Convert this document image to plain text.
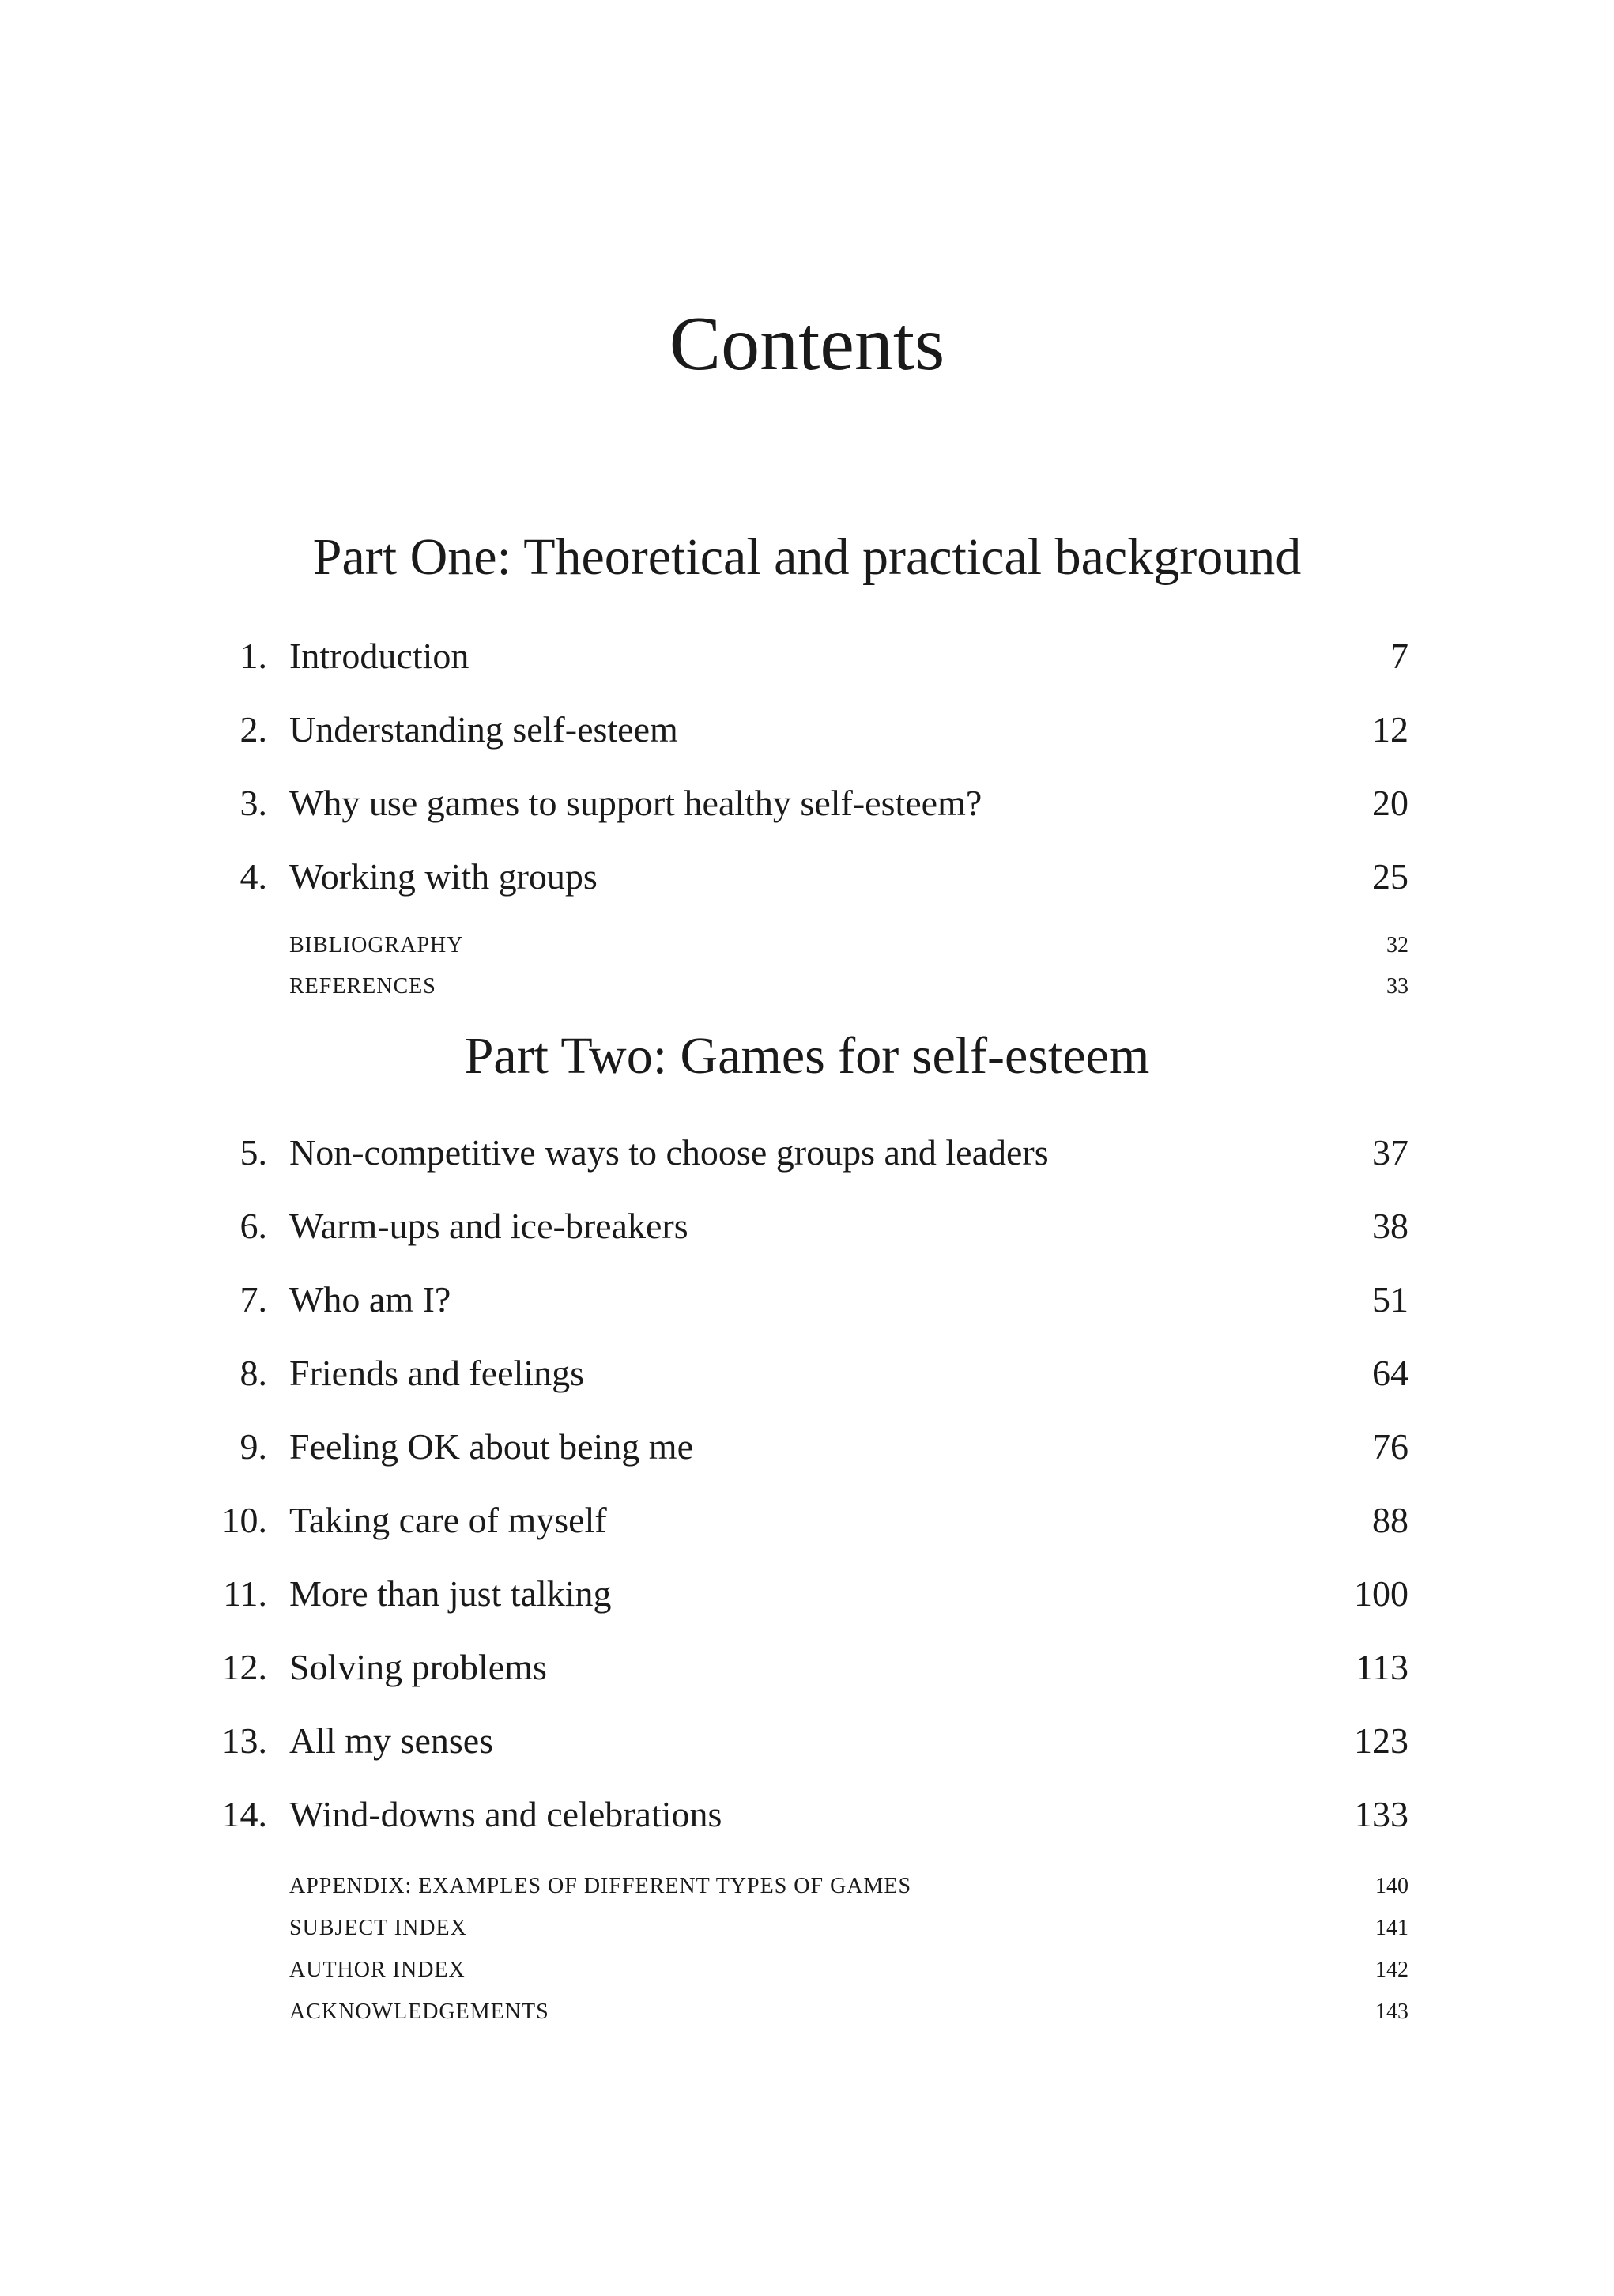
Contents
Part One: Theoretical and practical background
1. Introduction	7
2. Understanding self-esteem	12
3. Why use games to support healthy self-esteem?	20
4. Working with groups	25
BIBLIOGRAPHY	32
REFERENCES	33
Part Two: Games for self-esteem
5. Non-competitive ways to choose groups and leaders	37
6. Warm-ups and ice-breakers	38
7. Who am I?	51
8. Friends and feelings	64
9. Feeling OK about being me	76
10. Taking care of myself	88
11. More than just talking	100
12. Solving problems	113
13. All my senses	123
14. Wind-downs and celebrations	133
APPENDIX: EXAMPLES OF DIFFERENT TYPES OF GAMES	140
SUBJECT INDEX	141
AUTHOR INDEX	142
ACKNOWLEDGEMENTS	143
